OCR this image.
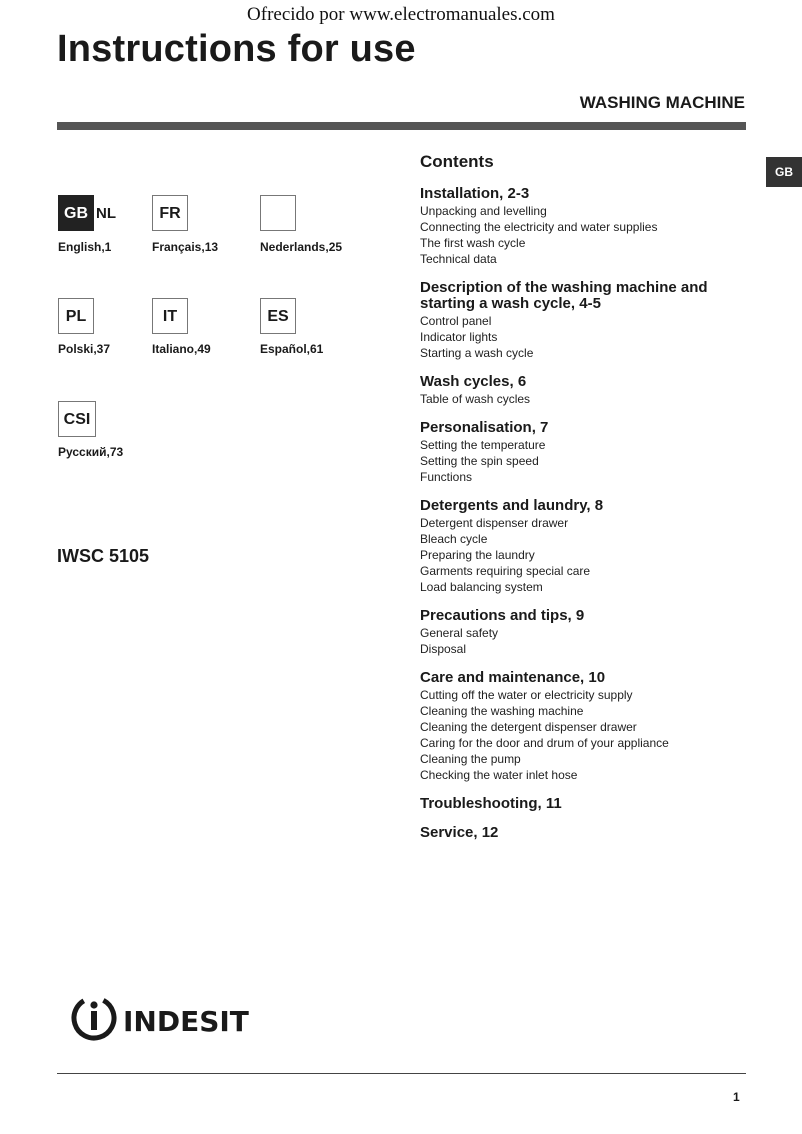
Ofrecido por www.electromanuales.com
Instructions for use
WASHING MACHINE
GB
GB NL
English,1
FR
Français,13	Nederlands,25
PL
Polski,37
IT
Italiano,49
ES
Español,61
CSI
Русский,73
IWSC 5105
Contents
Installation, 2-3
Unpacking and levelling
Connecting the electricity and water supplies
The first wash cycle
Technical data
Description of the washing machine and starting a wash cycle, 4-5
Control panel
Indicator lights
Starting a wash cycle
Wash cycles, 6
Table of wash cycles
Personalisation, 7
Setting the temperature
Setting the spin speed
Functions
Detergents and laundry, 8
Detergent dispenser drawer
Bleach cycle
Preparing the laundry
Garments requiring special care
Load balancing system
Precautions and tips, 9
General safety
Disposal
Care and maintenance, 10
Cutting off the water or electricity supply
Cleaning the washing machine
Cleaning the detergent dispenser drawer
Caring for the door and drum of your appliance
Cleaning the pump
Checking the water inlet hose
Troubleshooting, 11
Service, 12
INDESIT
1
